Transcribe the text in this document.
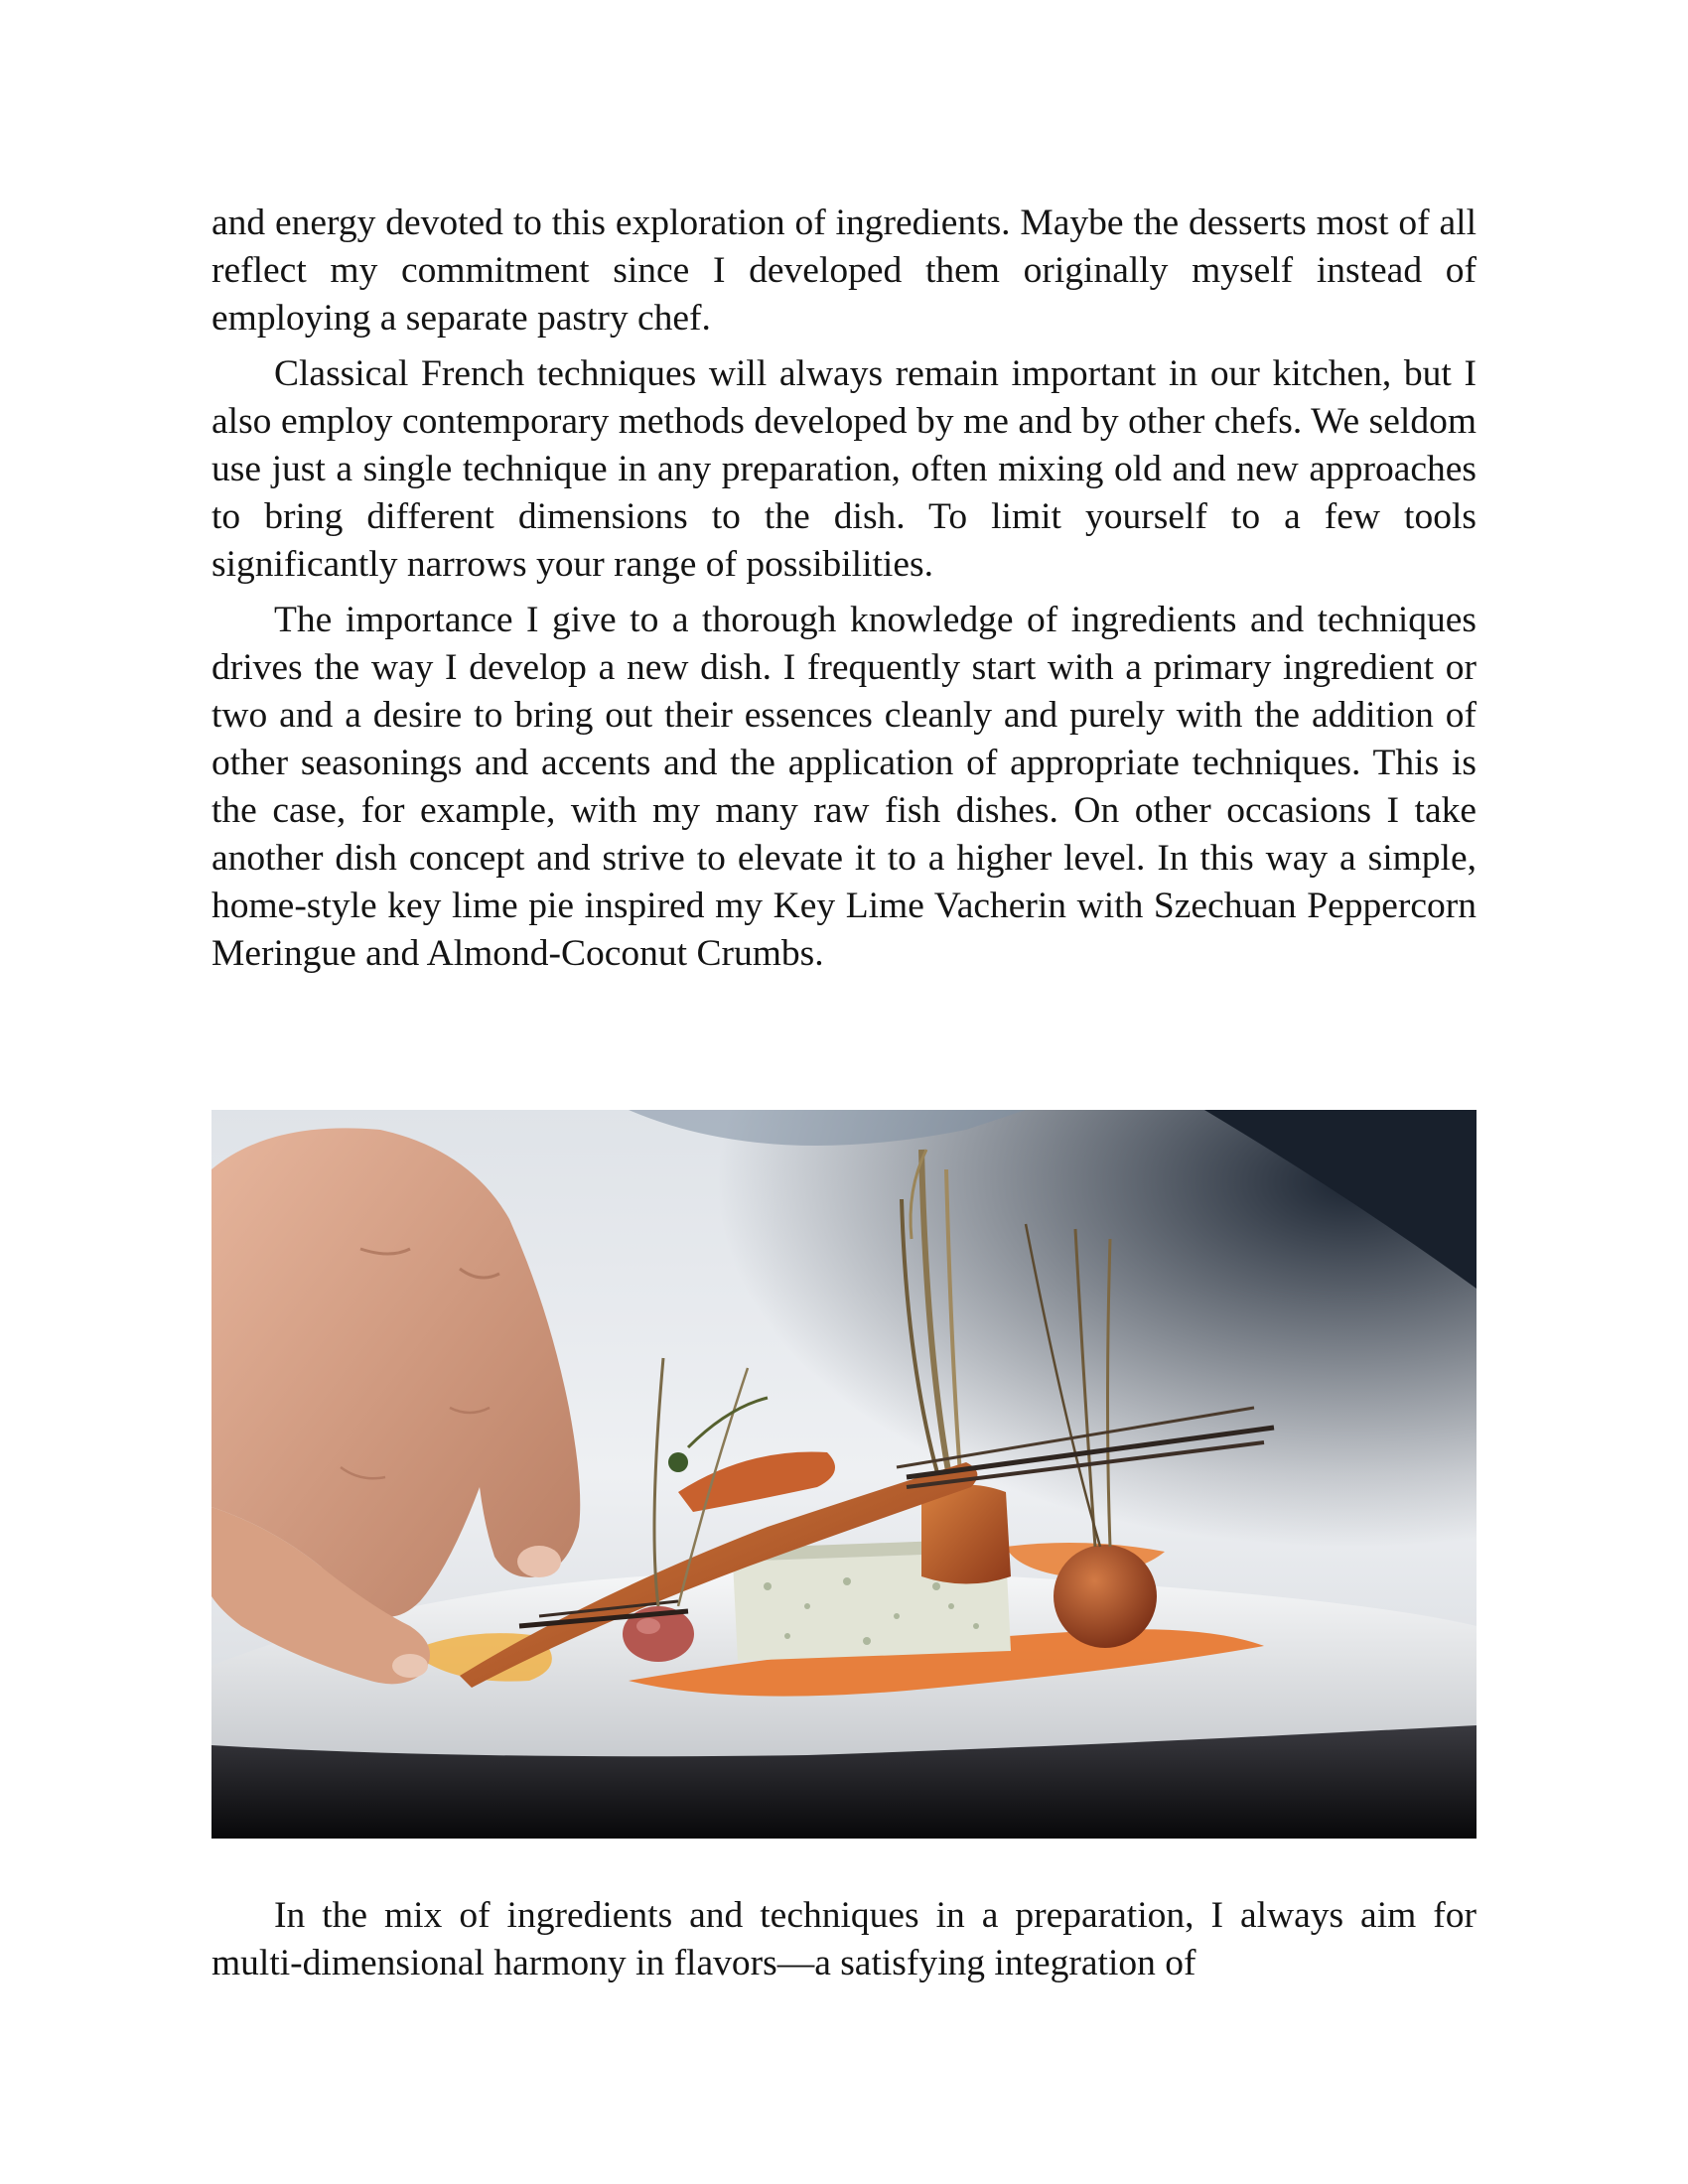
and energy devoted to this exploration of ingredients. Maybe the desserts most of all reflect my commitment since I developed them originally myself instead of employing a separate pastry chef.

Classical French techniques will always remain important in our kitchen, but I also employ contemporary methods developed by me and by other chefs. We seldom use just a single technique in any preparation, often mixing old and new approaches to bring different dimensions to the dish. To limit yourself to a few tools significantly narrows your range of possibilities.

The importance I give to a thorough knowledge of ingredients and techniques drives the way I develop a new dish. I frequently start with a primary ingredient or two and a desire to bring out their essences cleanly and purely with the addition of other seasonings and accents and the application of appropriate techniques. This is the case, for example, with my many raw fish dishes. On other occasions I take another dish concept and strive to elevate it to a higher level. In this way a simple, home-style key lime pie inspired my Key Lime Vacherin with Szechuan Peppercorn Meringue and Almond-Coconut Crumbs.

In the mix of ingredients and techniques in a preparation, I always aim for multi-dimensional harmony in flavors—a satisfying integration of
